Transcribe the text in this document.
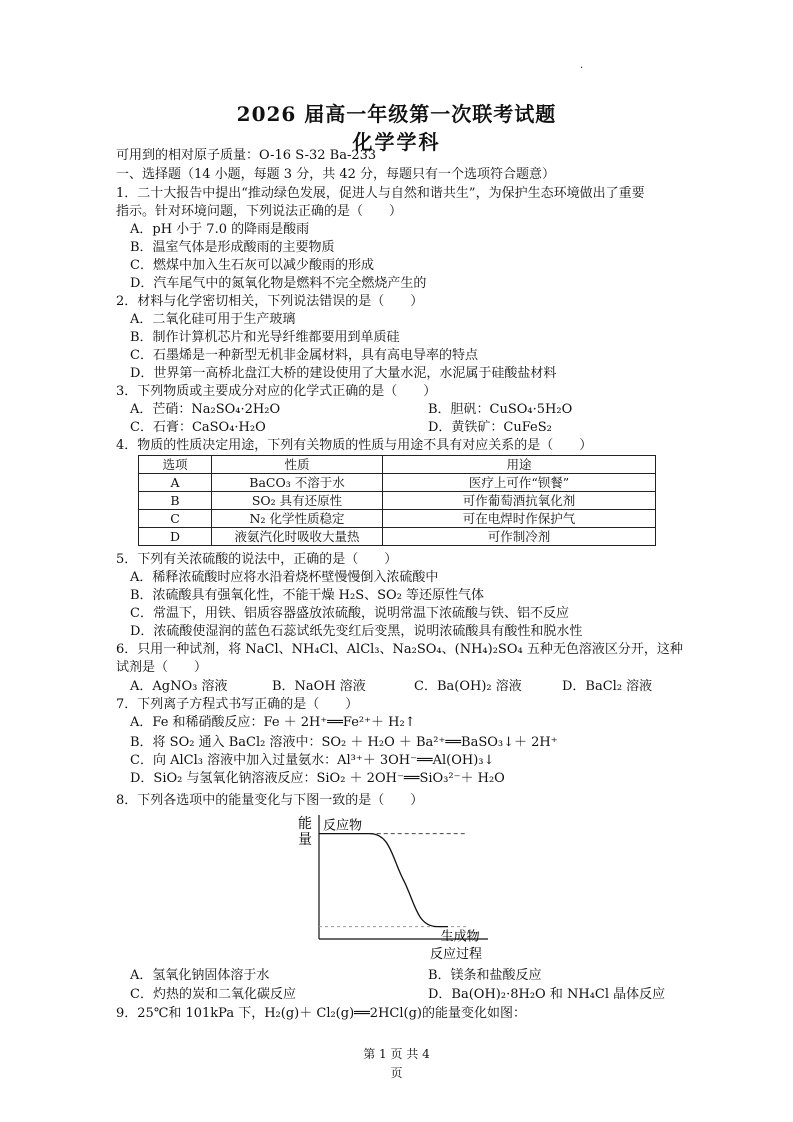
.
2026 届高一年级第一次联考试题
化学学科
可用到的相对原子质量：O-16 S-32 Ba-233
一、选择题（14 小题，每题 3 分，共 42 分，每题只有一个选项符合题意）
1．二十大报告中提出“推动绿色发展，促进人与自然和谐共生”，为保护生态环境做出了重要
指示。针对环境问题，下列说法正确的是（　　）
A．pH 小于 7.0 的降雨是酸雨
B．温室气体是形成酸雨的主要物质
C．燃煤中加入生石灰可以减少酸雨的形成
D．汽车尾气中的氮氧化物是燃料不完全燃烧产生的
2．材料与化学密切相关，下列说法错误的是（　　）
A．二氧化硅可用于生产玻璃
B．制作计算机芯片和光导纤维都要用到单质硅
C．石墨烯是一种新型无机非金属材料，具有高电导率的特点
D．世界第一高桥北盘江大桥的建设使用了大量水泥，水泥属于硅酸盐材料
3．下列物质或主要成分对应的化学式正确的是（　　）
A．芒硝：Na₂SO₄·2H₂O	B．胆矾：CuSO₄·5H₂O
C．石膏：CaSO₄·H₂O	D．黄铁矿：CuFeS₂
4．物质的性质决定用途，下列有关物质的性质与用途不具有对应关系的是（　　）
选项	性质	用途
A	BaCO₃ 不溶于水	医疗上可作“钡餐”
B	SO₂ 具有还原性	可作葡萄酒抗氧化剂
C	N₂ 化学性质稳定	可在电焊时作保护气
D	液氨汽化时吸收大量热	可作制冷剂
5．下列有关浓硫酸的说法中，正确的是（　　）
A．稀释浓硫酸时应将水沿着烧杯壁慢慢倒入浓硫酸中
B．浓硫酸具有强氧化性，不能干燥 H₂S、SO₂ 等还原性气体
C．常温下，用铁、铝质容器盛放浓硫酸，说明常温下浓硫酸与铁、铝不反应
D．浓硫酸使湿润的蓝色石蕊试纸先变红后变黑，说明浓硫酸具有酸性和脱水性
6．只用一种试剂，将 NaCl、NH₄Cl、AlCl₃、Na₂SO₄、(NH₄)₂SO₄ 五种无色溶液区分开，这种
试剂是（　　）
A．AgNO₃ 溶液	B．NaOH 溶液	C．Ba(OH)₂ 溶液	D．BaCl₂ 溶液
7．下列离子方程式书写正确的是（　　）
A．Fe 和稀硝酸反应：Fe ＋ 2H⁺══Fe²⁺＋ H₂↑
B．将 SO₂ 通入 BaCl₂ 溶液中：SO₂ ＋ H₂O ＋ Ba²⁺══BaSO₃↓＋ 2H⁺
C．向 AlCl₃ 溶液中加入过量氨水：Al³⁺＋ 3OH⁻══Al(OH)₃↓
D．SiO₂ 与氢氧化钠溶液反应：SiO₂ ＋ 2OH⁻══SiO₃²⁻＋ H₂O
8．下列各选项中的能量变化与下图一致的是（　　）
能
量
反应物
生成物
反应过程
A．氢氧化钠固体溶于水	B．镁条和盐酸反应
C．灼热的炭和二氧化碳反应	D．Ba(OH)₂·8H₂O 和 NH₄Cl 晶体反应
9．25℃和 101kPa 下，H₂(g)＋ Cl₂(g)══2HCl(g)的能量变化如图：
第 1 页 共 4
页
